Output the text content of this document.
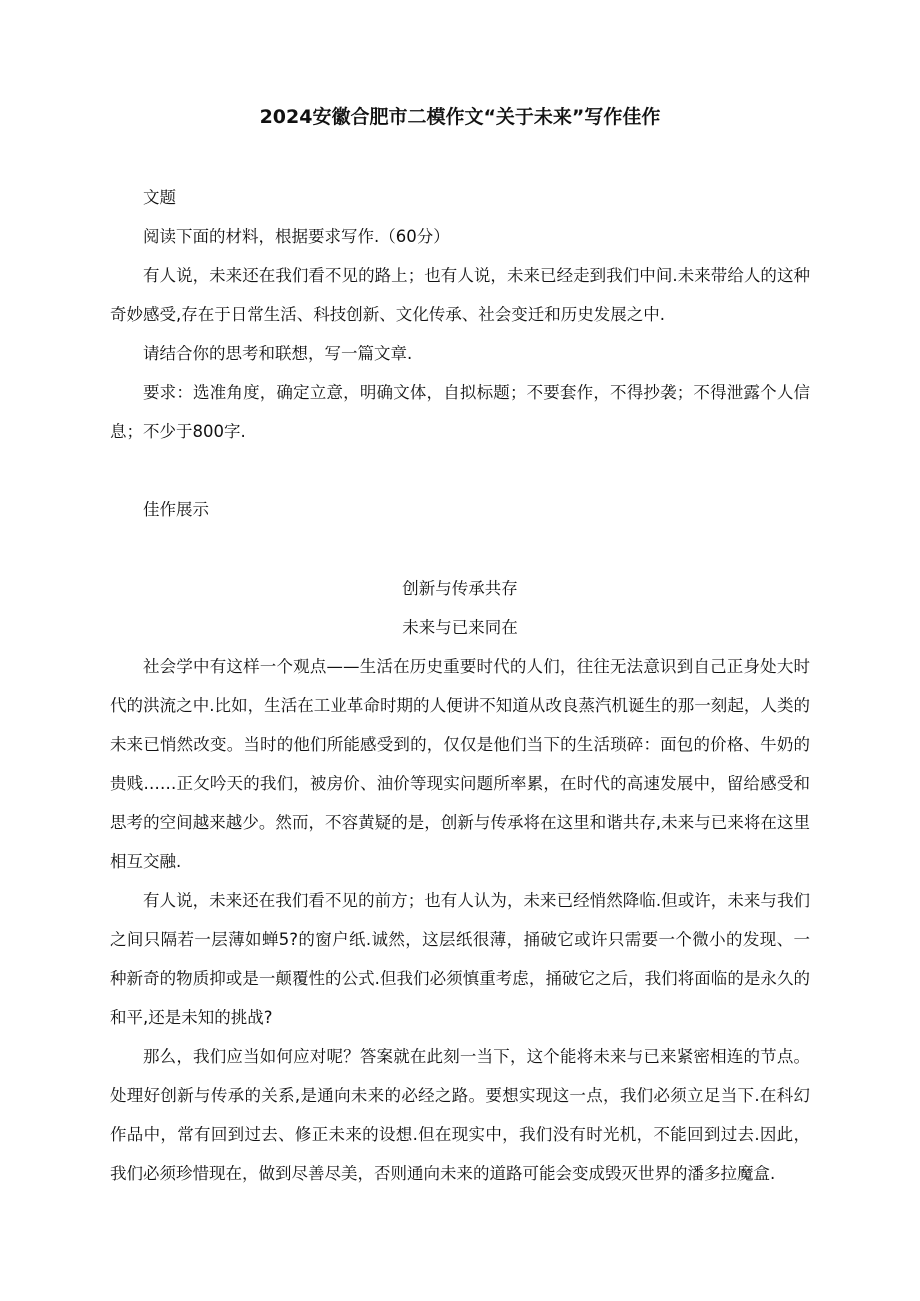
2024安徽合肥市二模作文“关于未来”写作佳作

文题

阅读下面的材料，根据要求写作.（60分）

有人说，未来还在我们看不见的路上；也有人说，未来已经走到我们中间.未来带给人的这种奇妙感受,存在于日常生活、科技创新、文化传承、社会变迁和历史发展之中.

请结合你的思考和联想，写一篇文章.

要求：选准角度，确定立意，明确文体，自拟标题；不要套作，不得抄袭；不得泄露个人信息；不少于800字.

佳作展示

创新与传承共存

未来与已来同在

社会学中有这样一个观点——生活在历史重要时代的人们，往往无法意识到自己正身处大时代的洪流之中.比如，生活在工业革命时期的人便讲不知道从改良蒸汽机诞生的那一刻起，人类的未来已悄然改变。当时的他们所能感受到的，仅仅是他们当下的生活琐碎：面包的价格、牛奶的贵贱……正攵吟天的我们，被房价、油价等现实问题所率累，在时代的高速发展中，留给感受和思考的空间越来越少。然而，不容黄疑的是，创新与传承将在这里和谐共存,未来与已来将在这里相互交融.

有人说，未来还在我们看不见的前方；也有人认为，未来已经悄然降临.但或许，未来与我们之间只隔若一层薄如蝉5?的窗户纸.诚然，这层纸很薄，捅破它或许只需要一个微小的发现、一种新奇的物质抑或是一颠覆性的公式.但我们必须慎重考虑，捅破它之后，我们将面临的是永久的和平,还是未知的挑战?

那么，我们应当如何应对呢？答案就在此刻一当下，这个能将未来与已来紧密相连的节点。处理好创新与传承的关系,是通向未来的必经之路。要想实现这一点，我们必须立足当下.在科幻作品中，常有回到过去、修正未来的设想.但在现实中，我们没有时光机，不能回到过去.因此，我们必须珍惜现在，做到尽善尽美，否则通向未来的道路可能会变成毁灭世界的潘多拉魔盒.
